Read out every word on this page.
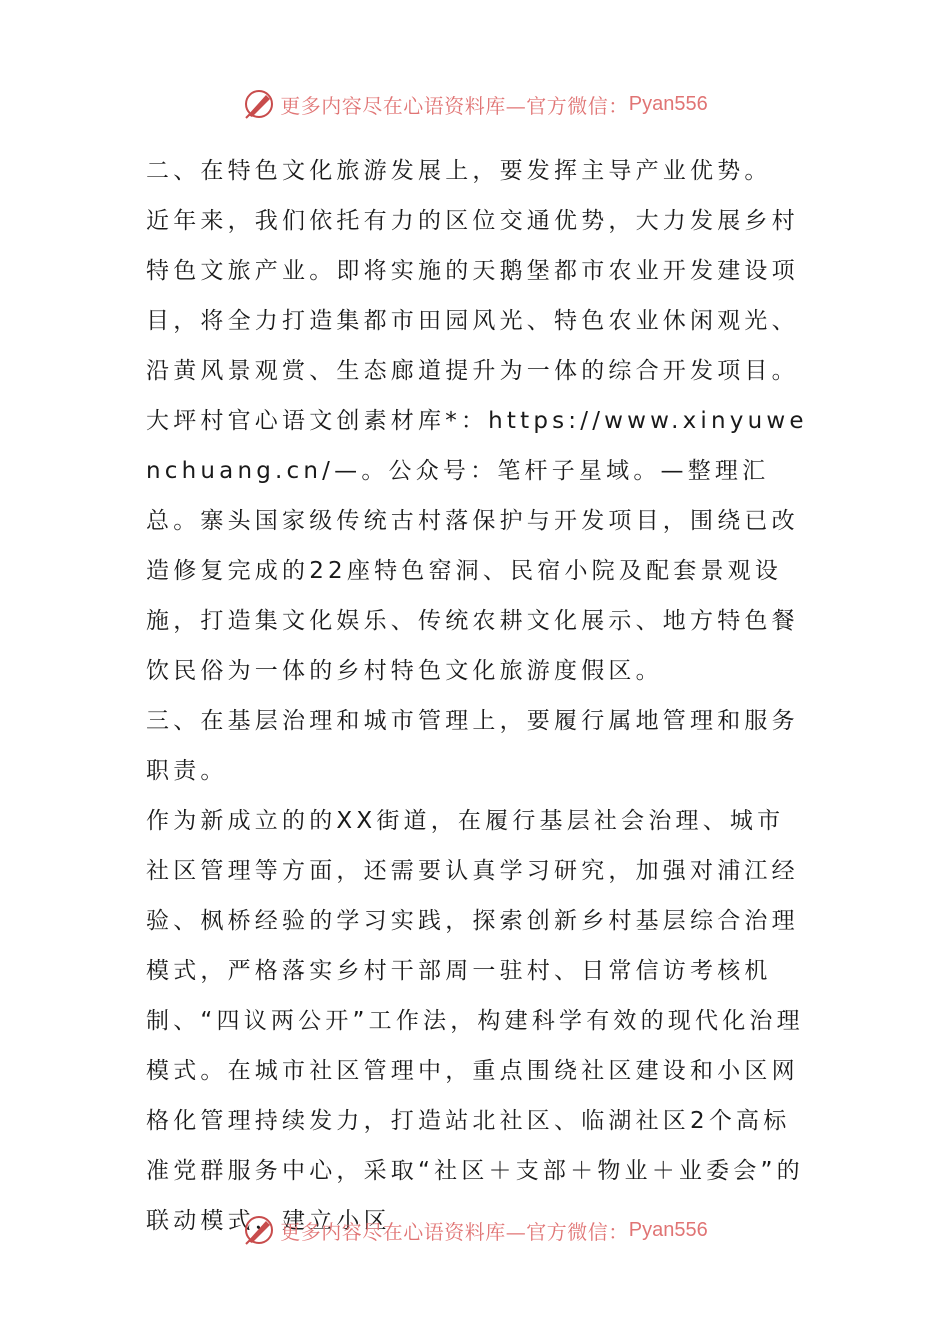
更多内容尽在心语资料库—官方微信： Pyan556

二、在特色文化旅游发展上，要发挥主导产业优势。

近年来，我们依托有力的区位交通优势，大力发展乡村特色文旅产业。即将实施的天鹅堡都市农业开发建设项目，将全力打造集都市田园风光、特色农业休闲观光、沿黄风景观赏、生态廊道提升为一体的综合开发项目。大坪村官心语文创素材库*：https://www.xinyuwenchuang.cn/—。公众号：笔杆子星域。—整理汇总。寨头国家级传统古村落保护与开发项目，围绕已改造修复完成的22座特色窑洞、民宿小院及配套景观设施，打造集文化娱乐、传统农耕文化展示、地方特色餐饮民俗为一体的乡村特色文化旅游度假区。

三、在基层治理和城市管理上，要履行属地管理和服务职责。

作为新成立的的XX街道，在履行基层社会治理、城市社区管理等方面，还需要认真学习研究，加强对浦江经验、枫桥经验的学习实践，探索创新乡村基层综合治理模式，严格落实乡村干部周一驻村、日常信访考核机制、“四议两公开”工作法，构建科学有效的现代化治理模式。在城市社区管理中，重点围绕社区建设和小区网格化管理持续发力，打造站北社区、临湖社区2个高标准党群服务中心，采取“社区＋支部＋物业＋业委会”的联动模式，建立小区

更多内容尽在心语资料库—官方微信： Pyan556
